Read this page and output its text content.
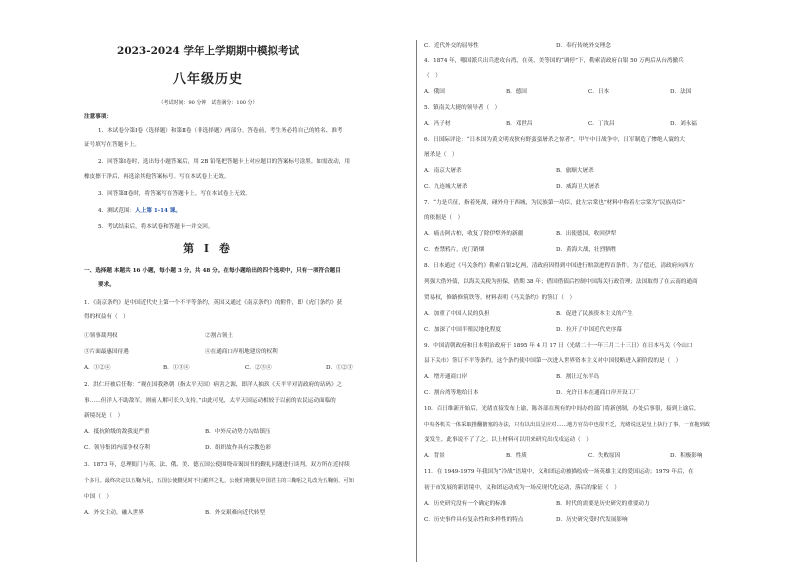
2023-2024 学年上学期期中模拟考试
八年级历史
（考试时间：90 分钟　试卷满分：100 分）
注意事项：
1．本试卷分第Ⅰ卷（选择题）和第Ⅱ卷（非选择题）两部分。答卷前，考生务必将自己的姓名、准考
证号填写在答题卡上。
2．回答第Ⅰ卷时，选出每小题答案后，用 2B 铅笔把答题卡上对应题目的答案标号涂黑。如需改动，用
橡皮擦干净后，再选涂其他答案标号。写在本试卷上无效。
3．回答第Ⅱ卷时，将答案写在答题卡上。写在本试卷上无效。
4．测试范围：人上第 1-14 课。
5．考试结束后，将本试卷和答题卡一并交回。
第 I 卷
一、选择题 本题共 16 小题，每小题 3 分，共 48 分。在每小题给出的四个选项中，只有一项符合题目
要求。
1．《南京条约》是中国近代史上第一个不平等条约，英国又通过《南京条约》的附件，即《虎门条约》获
得的权益有（　）
①领事裁判权	②割占领土
③片面最惠国待遇	④在通商口岸租地建房的权利
A．①②④	B．①③④	C．②③④	D．①②③
2．洪仁玕被后任称：“观在国我熟朝（指太平天国）病害之源，即洋人抽玖《天平平对清政府的玷码》之
事……但洋人不助敌军，则前人解可长久支持。”由此可见，太平天国运动相较于以前的农民运动面临的
新境况是（　）
A．抵抗阶级的敌我更严重	B．中外反动势力勾结镇压
C．领导集团内部争权夺利	D．组织故作具有宗教色彩
3．1873 年，总理衙门与英、法、俄、美、德五国公使围绕帝谒国书的觐礼问题进行谈判，双方所在近持续
个多月。最终决定以五鞠为礼，五国公使觐见时不行跪拜之礼，公使们将觐见中国君主的三鞠躬之礼改为五鞠躬，可知
中国（　）
A．外交主动，融入世界	B．外交艰难向近代转型
C．近代外交的屈辱性	D．奉行传统外交理念
4．1874 年，哪国派兵出兵进攻台湾，在英、美等国的“调停”下，勒索清政府白银 50 万两后从台湾撤兵
（　）
A．俄国	B．德国	C．日本	D．法国
5．镇南关大捷的领导者（　）
A．冯子材	B．邓世昌	C．丁汝昌	D．刘永福
6．日国际评论：“日本国为黄文明戎狄有野蛮蛮屠杀之惊者”。甲午中日战争中，日军制造了惨绝人寰的大
屠杀是（　）
A．南京大屠杀	B．旅顺大屠杀
C．九连城大屠杀	D．威海卫大屠杀
7．“力是兵征，指着死战，碰外舟于西城，为民族第一功臣，此左宗棠也”材料中称着左宗棠为“民族功臣”
的依据是（　）
A．痛击阿古柏，收复了除伊犁外的新疆	B．出使德国，收回伊犁
C．查禁鸦片，虎门销烟	D．黄海大战，壮烈牺牲
8．日本通过《马关条约》勒索白银2亿两，清政府因得到中国进行赔款进程首条件。为了偿还，清政府向西方
列强大借外债，以海关关税为担保，借期 38 年；借国借债后控制中国海关行政管理；法国取得了在云南的通商
贸易权，修路修筑铁等。材料表明《马关条约》的签订（　）
A．加重了中国人民的负担	B．促进了民族资本主义的产生
C．加深了中国半殖民地化程度	D．拉开了中国近代史序幕
9．中国清朝政府和日本明治政府于 1895 年 4 月 17 日（光绪二十一年三月二十三日）在日本马关（今山口
县下关市）签订不平等条约，这个条约使中国第一次进入世界资本主义对中国侵略进入新阶段的是（　）
A．增开通商口岸	B．割让辽东半岛
C．割台湾等地给日本	D．允许日本在通商口岸开设工厂
10．百日维新开始后，光绪直接发布上谕，陈各部在现有的中间办的部门将新创制，办处后事很，接到上谕后，
中央各机关一体采取推翻搪塞的办法，只有以出具呈应对……地方官员中也很不乏，光绪说这是皇上执行了事，一直拖到政
变发生。此事说不了了之。以上材料可以用来研究出戊戌运动（　）
A．背景	B．性质	C．失败原因	D．积极影响
11．在 1949-1979 年我国为“冷战”语境中，义和团运动被描绘成一场英雄主义的爱国运动；1979 年后，在
初于市发展的新语境中，义和团运动成为一场反现代化运动，落后的象征（　）
A．历史研究没有一个确定的标准	B．时代的需要是历史研究的重要动力
C．历史事件具有复杂性和多样性的特点	D．历史研究受时代发展影响
